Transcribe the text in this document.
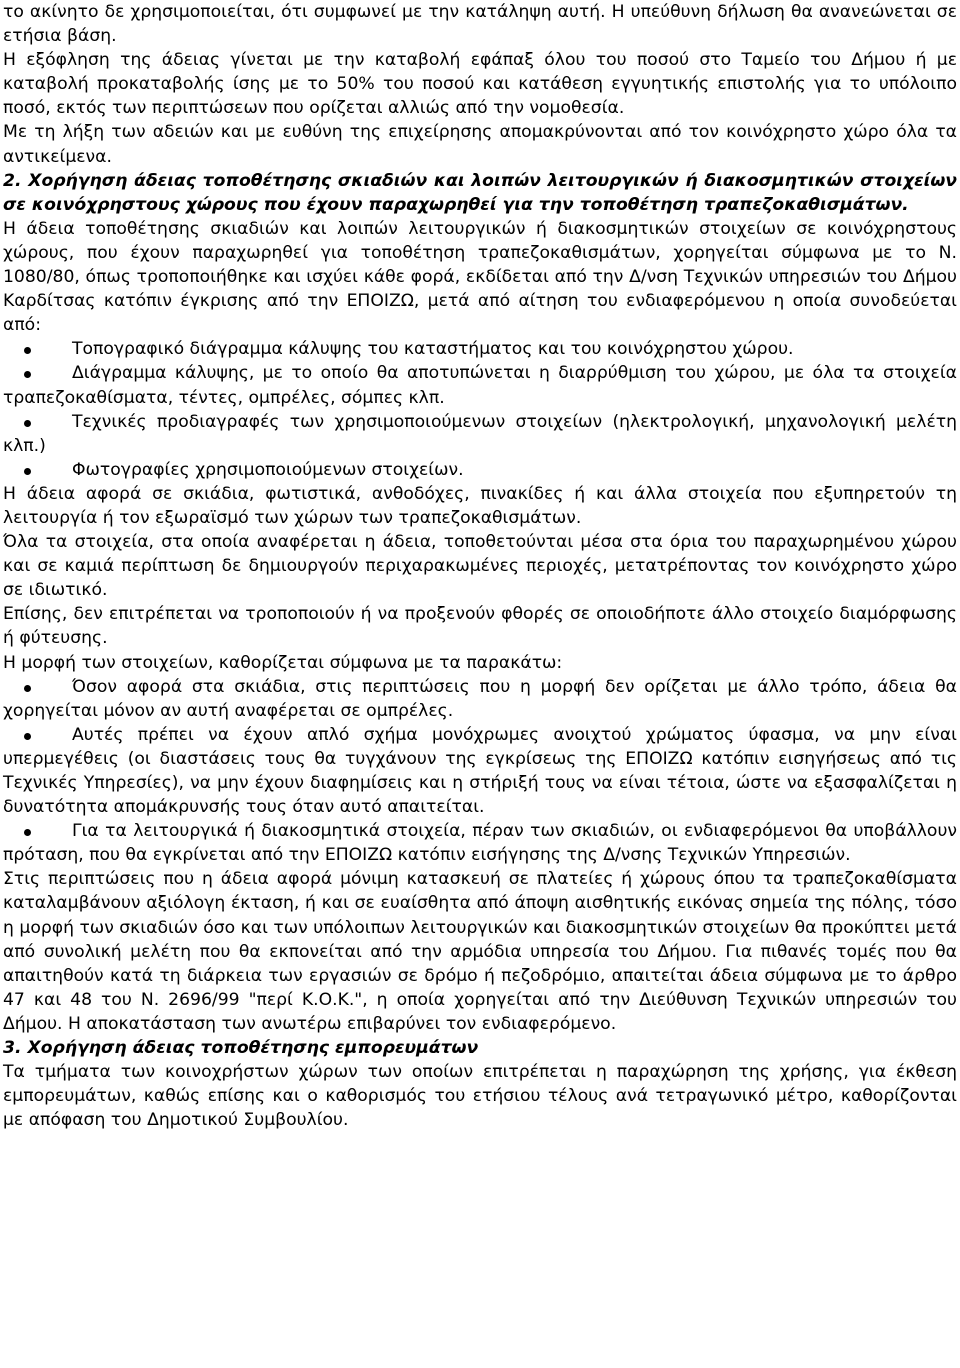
το ακίνητο δε χρησιμοποιείται, ότι συμφωνεί με την κατάληψη αυτή. Η υπεύθυνη δήλωση θα ανανεώνεται σε ετήσια βάση.

Η εξόφληση της άδειας γίνεται με την καταβολή εφάπαξ όλου του ποσού στο Ταμείο του Δήμου ή με καταβολή προκαταβολής ίσης με το 50% του ποσού και κατάθεση εγγυητικής επιστολής για το υπόλοιπο ποσό, εκτός των περιπτώσεων που ορίζεται αλλιώς από την νομοθεσία.

Με τη λήξη των αδειών και με ευθύνη της επιχείρησης απομακρύνονται από τον κοινόχρηστο χώρο όλα τα αντικείμενα.

2. Χορήγηση άδειας τοποθέτησης σκιαδιών και λοιπών λειτουργικών ή διακοσμητικών στοιχείων σε κοινόχρηστους χώρους που έχουν παραχωρηθεί για την τοποθέτηση τραπεζοκαθισμάτων.

Η άδεια τοποθέτησης σκιαδιών και λοιπών λειτουργικών ή διακοσμητικών στοιχείων σε κοινόχρηστους χώρους, που έχουν παραχωρηθεί για τοποθέτηση τραπεζοκαθισμάτων, χορηγείται σύμφωνα με το Ν. 1080/80, όπως τροποποιήθηκε και ισχύει κάθε φορά, εκδίδεται από την Δ/νση Τεχνικών υπηρεσιών του Δήμου Καρδίτσας κατόπιν έγκρισης από την ΕΠΟΙΖΩ, μετά από αίτηση του ενδιαφερόμενου η οποία συνοδεύεται από:

Τοπογραφικό διάγραμμα κάλυψης του καταστήματος και του κοινόχρηστου χώρου.
Διάγραμμα κάλυψης, με το οποίο θα αποτυπώνεται η διαρρύθμιση του χώρου, με όλα τα στοιχεία τραπεζοκαθίσματα, τέντες, ομπρέλες, σόμπες κλπ.
Τεχνικές προδιαγραφές των χρησιμοποιούμενων στοιχείων (ηλεκτρολογική, μηχανολογική μελέτη κλπ.)
Φωτογραφίες χρησιμοποιούμενων στοιχείων.

Η άδεια αφορά σε σκιάδια, φωτιστικά, ανθοδόχες, πινακίδες ή και άλλα στοιχεία που εξυπηρετούν τη λειτουργία ή τον εξωραϊσμό των χώρων των τραπεζοκαθισμάτων.

Όλα τα στοιχεία, στα οποία αναφέρεται η άδεια, τοποθετούνται μέσα στα όρια του παραχωρημένου χώρου και σε καμιά περίπτωση δε δημιουργούν περιχαρακωμένες περιοχές, μετατρέποντας τον κοινόχρηστο χώρο σε ιδιωτικό.

Επίσης, δεν επιτρέπεται να τροποποιούν ή να προξενούν φθορές σε οποιοδήποτε άλλο στοιχείο διαμόρφωσης ή φύτευσης.

Η μορφή των στοιχείων, καθορίζεται σύμφωνα με τα παρακάτω:

Όσον αφορά στα σκιάδια, στις περιπτώσεις που η μορφή δεν ορίζεται με άλλο τρόπο, άδεια θα χορηγείται μόνον αν αυτή αναφέρεται σε ομπρέλες.
Αυτές πρέπει να έχουν απλό σχήμα μονόχρωμες ανοιχτού χρώματος ύφασμα, να μην είναι υπερμεγέθεις (οι διαστάσεις τους θα τυγχάνουν της εγκρίσεως της ΕΠΟΙΖΩ κατόπιν εισηγήσεως από τις Τεχνικές Υπηρεσίες), να μην έχουν διαφημίσεις και η στήριξή τους να είναι τέτοια, ώστε να εξασφαλίζεται η δυνατότητα απομάκρυνσής τους όταν αυτό απαιτείται.
Για τα λειτουργικά ή διακοσμητικά στοιχεία, πέραν των σκιαδιών, οι ενδιαφερόμενοι θα υποβάλλουν πρόταση, που θα εγκρίνεται από την ΕΠΟΙΖΩ κατόπιν εισήγησης της Δ/νσης Τεχνικών Υπηρεσιών.

Στις περιπτώσεις που η άδεια αφορά μόνιμη κατασκευή σε πλατείες ή χώρους όπου τα τραπεζοκαθίσματα καταλαμβάνουν αξιόλογη έκταση, ή και σε ευαίσθητα από άποψη αισθητικής εικόνας σημεία της πόλης, τόσο η μορφή των σκιαδιών όσο και των υπόλοιπων λειτουργικών και διακοσμητικών στοιχείων θα προκύπτει μετά από συνολική μελέτη που θα εκπονείται από την αρμόδια υπηρεσία του Δήμου. Για πιθανές τομές που θα απαιτηθούν κατά τη διάρκεια των εργασιών σε δρόμο ή πεζοδρόμιο, απαιτείται άδεια σύμφωνα με το άρθρο 47 και 48 του Ν. 2696/99 "περί Κ.Ο.Κ.", η οποία χορηγείται από την Διεύθυνση Τεχνικών υπηρεσιών του Δήμου. Η αποκατάσταση των ανωτέρω επιβαρύνει τον ενδιαφερόμενο.

3. Χορήγηση άδειας τοποθέτησης εμπορευμάτων

Τα τμήματα των κοινοχρήστων χώρων των οποίων επιτρέπεται η παραχώρηση της χρήσης, για έκθεση εμπορευμάτων, καθώς επίσης και ο καθορισμός του ετήσιου τέλους ανά τετραγωνικό μέτρο, καθορίζονται με απόφαση του Δημοτικού Συμβουλίου.
